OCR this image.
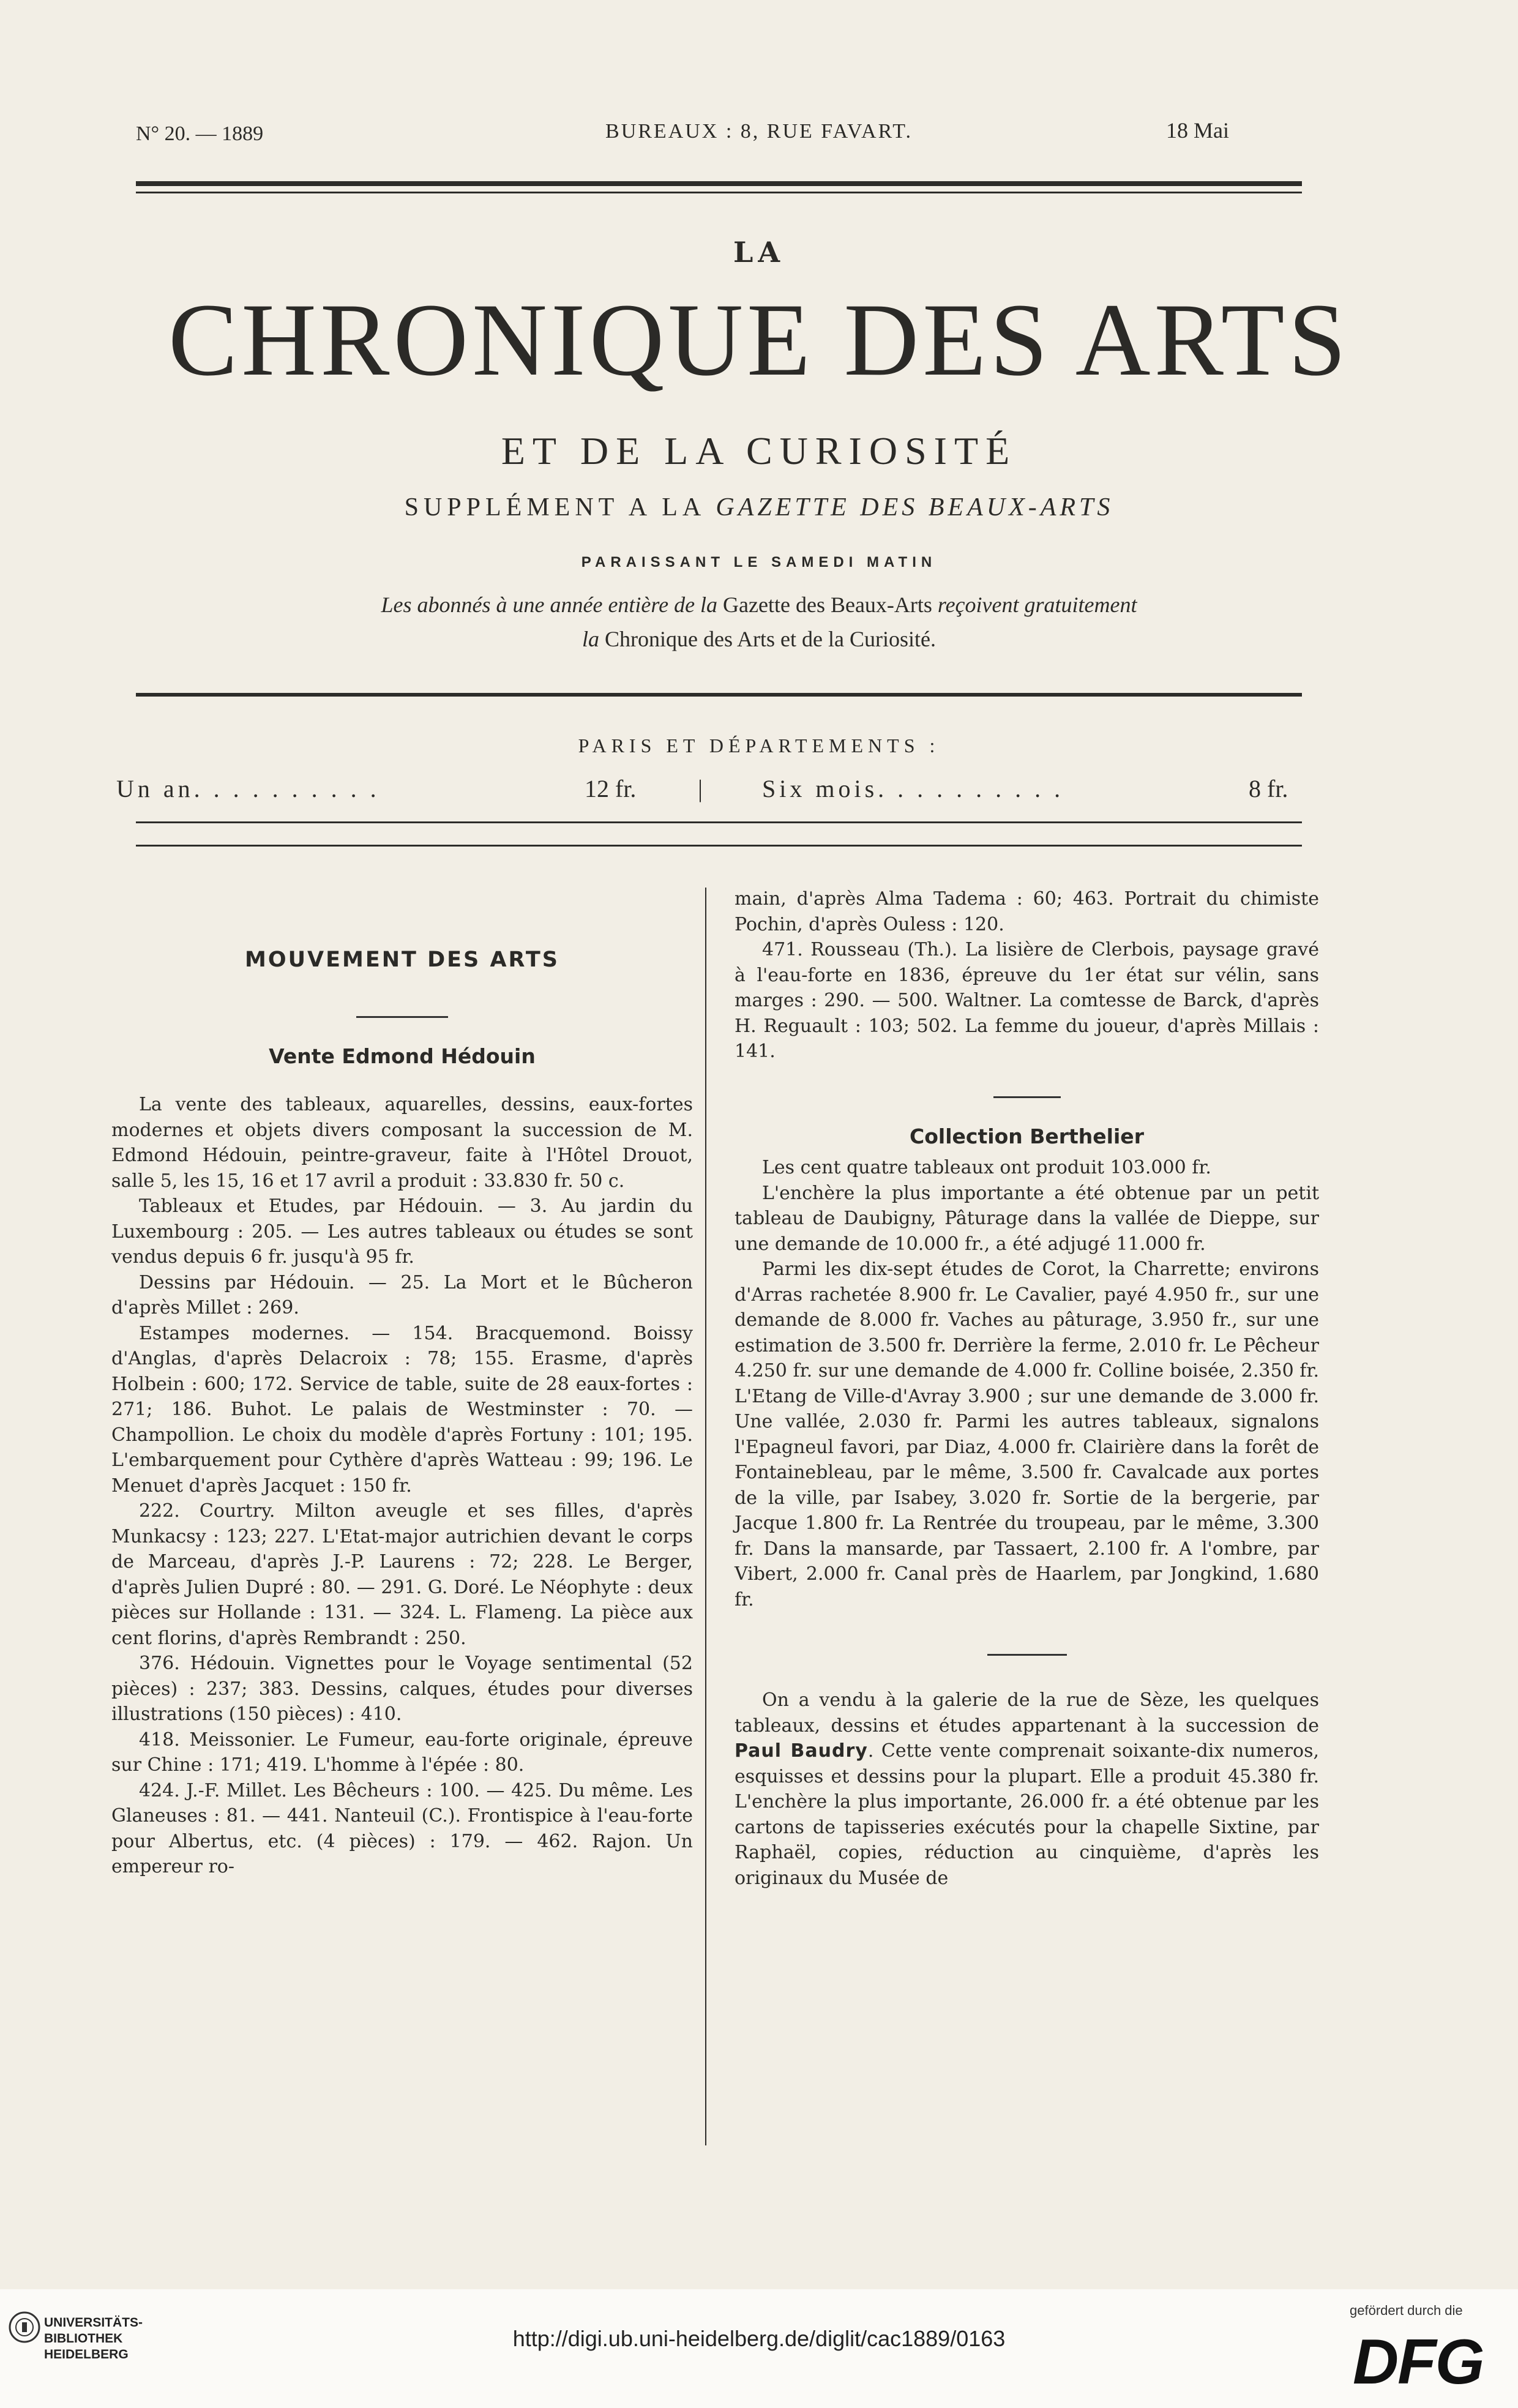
N° 20. — 1889	BUREAUX : 8, RUE FAVART.	18 Mai
LA
CHRONIQUE DES ARTS
ET DE LA CURIOSITÉ
SUPPLÉMENT A LA GAZETTE DES BEAUX-ARTS
PARAISSANT LE SAMEDI MATIN
Les abonnés à une année entière de la Gazette des Beaux-Arts reçoivent gratuitement
la Chronique des Arts et de la Curiosité.
PARIS ET DÉPARTEMENTS :
Un an. . . . . . . . . .	12 fr.	| Six mois. . . . . . . . . .	8 fr.
MOUVEMENT DES ARTS
Vente Edmond Hédouin

La vente des tableaux, aquarelles, dessins, eaux-fortes modernes et objets divers composant la succession de M. Edmond Hédouin, peintre-graveur, faite à l'Hôtel Drouot, salle 5, les 15, 16 et 17 avril a produit : 33.830 fr. 50 c.

Tableaux et Etudes, par Hédouin. — 3. Au jardin du Luxembourg : 205. — Les autres tableaux ou études se sont vendus depuis 6 fr. jusqu'à 95 fr.

Dessins par Hédouin. — 25. La Mort et le Bûcheron d'après Millet : 269.

Estampes modernes. — 154. Bracquemond. Boissy d'Anglas, d'après Delacroix : 78; 155. Erasme, d'après Holbein : 600; 172. Service de table, suite de 28 eaux-fortes : 271; 186. Buhot. Le palais de Westminster : 70. — Champollion. Le choix du modèle d'après Fortuny : 101; 195. L'embarquement pour Cythère d'après Watteau : 99; 196. Le Menuet d'après Jacquet : 150 fr.

222. Courtry. Milton aveugle et ses filles, d'après Munkacsy : 123; 227. L'Etat-major autrichien devant le corps de Marceau, d'après J.-P. Laurens : 72; 228. Le Berger, d'après Julien Dupré : 80. — 291. G. Doré. Le Néophyte : deux pièces sur Hollande : 131. — 324. L. Flameng. La pièce aux cent florins, d'après Rembrandt : 250.

376. Hédouin. Vignettes pour le Voyage sentimental (52 pièces) : 237; 383. Dessins, calques, études pour diverses illustrations (150 pièces) : 410.

418. Meissonier. Le Fumeur, eau-forte originale, épreuve sur Chine : 171; 419. L'homme à l'épée : 80.

424. J.-F. Millet. Les Bêcheurs : 100. — 425. Du même. Les Glaneuses : 81. — 441. Nanteuil (C.). Frontispice à l'eau-forte pour Albertus, etc. (4 pièces) : 179. — 462. Rajon. Un empereur ro-

main, d'après Alma Tadema : 60; 463. Portrait du chimiste Pochin, d'après Ouless : 120.

471. Rousseau (Th.). La lisière de Clerbois, paysage gravé à l'eau-forte en 1836, épreuve du 1er état sur vélin, sans marges : 290. — 500. Waltner. La comtesse de Barck, d'après H. Reguault : 103; 502. La femme du joueur, d'après Millais : 141.

Collection Berthelier

Les cent quatre tableaux ont produit 103.000 fr.

L'enchère la plus importante a été obtenue par un petit tableau de Daubigny, Pâturage dans la vallée de Dieppe, sur une demande de 10.000 fr., a été adjugé 11.000 fr.

Parmi les dix-sept études de Corot, la Charrette; environs d'Arras rachetée 8.900 fr. Le Cavalier, payé 4.950 fr., sur une demande de 8.000 fr. Vaches au pâturage, 3.950 fr., sur une estimation de 3.500 fr. Derrière la ferme, 2.010 fr. Le Pêcheur 4.250 fr. sur une demande de 4.000 fr. Colline boisée, 2.350 fr. L'Etang de Ville-d'Avray 3.900 ; sur une demande de 3.000 fr. Une vallée, 2.030 fr. Parmi les autres tableaux, signalons l'Epagneul favori, par Diaz, 4.000 fr. Clairière dans la forêt de Fontainebleau, par le même, 3.500 fr. Cavalcade aux portes de la ville, par Isabey, 3.020 fr. Sortie de la bergerie, par Jacque 1.800 fr. La Rentrée du troupeau, par le même, 3.300 fr. Dans la mansarde, par Tassaert, 2.100 fr. A l'ombre, par Vibert, 2.000 fr. Canal près de Haarlem, par Jongkind, 1.680 fr.

On a vendu à la galerie de la rue de Sèze, les quelques tableaux, dessins et études appartenant à la succession de Paul Baudry. Cette vente comprenait soixante-dix numeros, esquisses et dessins pour la plupart. Elle a produit 45.380 fr. L'enchère la plus importante, 26.000 fr. a été obtenue par les cartons de tapisseries exécutés pour la chapelle Sixtine, par Raphaël, copies, réduction au cinquième, d'après les originaux du Musée de

UNIVERSITÄTS-
BIBLIOTHEK
HEIDELBERG
http://digi.ub.uni-heidelberg.de/diglit/cac1889/0163
gefördert durch die
DFG
